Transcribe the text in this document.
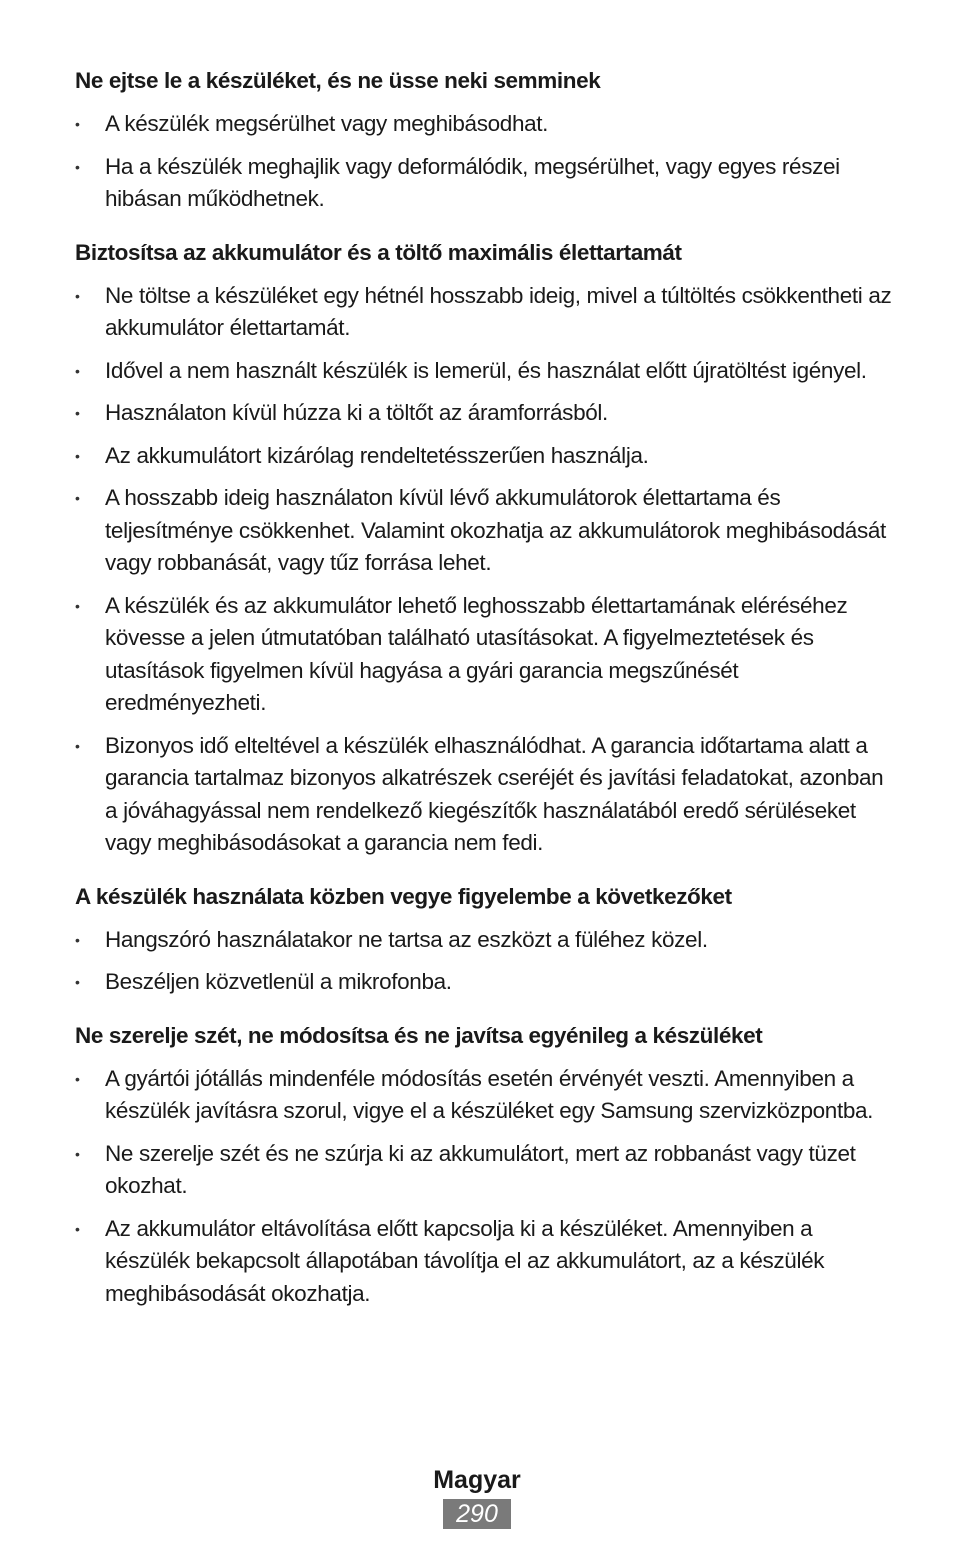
Ne ejtse le a készüléket, és ne üsse neki semminek
•	A készülék megsérülhet vagy meghibásodhat.
•	Ha a készülék meghajlik vagy deformálódik, megsérülhet, vagy egyes részei hibásan működhetnek.
Biztosítsa az akkumulátor és a töltő maximális élettartamát
•	Ne töltse a készüléket egy hétnél hosszabb ideig, mivel a túltöltés csökkentheti az akkumulátor élettartamát.
•	Idővel a nem használt készülék is lemerül, és használat előtt újratöltést igényel.
•	Használaton kívül húzza ki a töltőt az áramforrásból.
•	Az akkumulátort kizárólag rendeltetésszerűen használja.
•	A hosszabb ideig használaton kívül lévő akkumulátorok élettartama és teljesítménye csökkenhet. Valamint okozhatja az akkumulátorok meghibásodását vagy robbanását, vagy tűz forrása lehet.
•	A készülék és az akkumulátor lehető leghosszabb élettartamának eléréséhez kövesse a jelen útmutatóban található utasításokat. A figyelmeztetések és utasítások figyelmen kívül hagyása a gyári garancia megszűnését eredményezheti.
•	Bizonyos idő elteltével a készülék elhasználódhat. A garancia időtartama alatt a garancia tartalmaz bizonyos alkatrészek cseréjét és javítási feladatokat, azonban a jóváhagyással nem rendelkező kiegészítők használatából eredő sérüléseket vagy meghibásodásokat a garancia nem fedi.
A készülék használata közben vegye figyelembe a következőket
•	Hangszóró használatakor ne tartsa az eszközt a füléhez közel.
•	Beszéljen közvetlenül a mikrofonba.
Ne szerelje szét, ne módosítsa és ne javítsa egyénileg a készüléket
•	A gyártói jótállás mindenféle módosítás esetén érvényét veszti. Amennyiben a készülék javításra szorul, vigye el a készüléket egy Samsung szervizközpontba.
•	Ne szerelje szét és ne szúrja ki az akkumulátort, mert az robbanást vagy tüzet okozhat.
•	Az akkumulátor eltávolítása előtt kapcsolja ki a készüléket. Amennyiben a készülék bekapcsolt állapotában távolítja el az akkumulátort, az a készülék meghibásodását okozhatja.
Magyar
290
